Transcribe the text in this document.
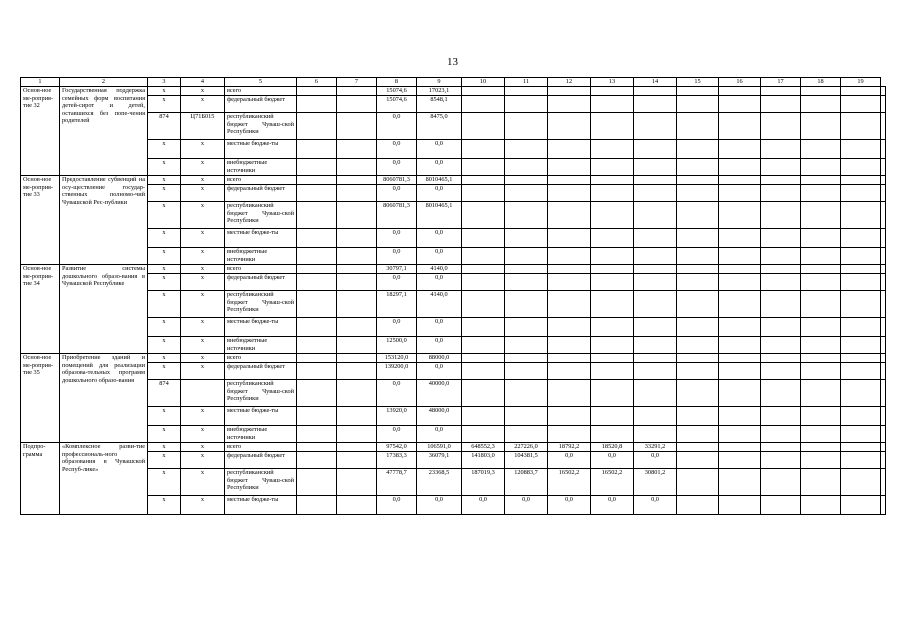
13
1	2	3	4	5	6	7	8	9	10	11	12	13	14	15	16	17	18	19	
Основ-ное ме-роприя-тие 32	Государственная поддержка семейных форм воспитания детей-сирот и детей, оставшихся без попе-чения родителей	х	х	всего			15074,6	17023,1											
		х	х	федеральный бюджет			15074,6	8548,1											
		874	Ц71Б015	республиканский бюджет Чуваш-ской Республики			0,0	8475,0											
		х	х	местные бюдже-ты			0,0	0,0											
		х	х	внебюджетные источники			0,0	0,0											
Основ-ное ме-роприя-тие 33	Предоставление субвенций на осу-ществление государ-ственных полномо-чий Чувашской Рес-публики	х	х	всего			8060781,3	8010465,1											
		х	х	федеральный бюджет			0,0	0,0											
		х	х	республиканский бюджет Чуваш-ской Республики			8060781,3	8010465,1											
		х	х	местные бюдже-ты			0,0	0,0											
		х	х	внебюджетные источники			0,0	0,0											
Основ-ное ме-роприя-тие 34	Развитие системы дошкольного образо-вания в Чувашской Республике	х	х	всего			30797,1	4140,0											
		х	х	федеральный бюджет			0,0	0,0											
		х	х	республиканский бюджет Чуваш-ской Республики			18297,1	4140,0											
		х	х	местные бюдже-ты			0,0	0,0											
		х	х	внебюджетные источники			12500,0	0,0											
Основ-ное ме-роприя-тие 35	Приобретение зданий и помещений для реализации образова-тельных программ дошкольного образо-вания	х	х	всего			153120,0	88000,0											
		х	х	федеральный бюджет			139200,0	0,0											
		874		республиканский бюджет Чуваш-ской Республики			0,0	40000,0											
		х	х	местные бюдже-ты			13920,0	48000,0											
		х	х	внебюджетные источники			0,0	0,0											
Подпро-грамма	«Комплексное разви-тие профессиональ-ного образования в Чувашской Респуб-лике»	х	х	всего			97542,0	106591,0	648552,3	227226,0	18792,2	18520,8	33291,2						
		х	х	федеральный бюджет			17383,3	36079,1	141803,0	104381,5	0,0	0,0	0,0						
		х	х	республиканский бюджет Чуваш-ской Республики			47778,7	23368,5	187019,3	120883,7	16502,2	16502,2	30801,2						
		х	х	местные бюдже-ты			0,0	0,0	0,0	0,0	0,0	0,0	0,0						
